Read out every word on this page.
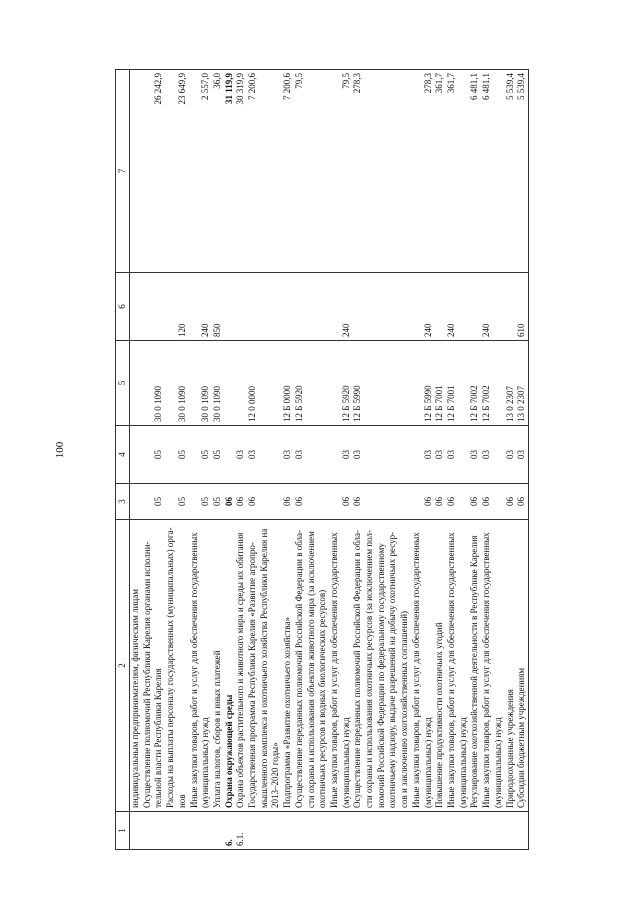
100
1	2	3	4	5	6	7

	индивидуальным предпринимателям, физическим лицам					

	Осуществление полномочий Республики Карелия органами исполни- тельной власти Республики Карелия	05	05	30 0 1090		26 242,9

	Расходы на выплаты персоналу государственных (муниципальных) орга- нов	05	05	30 0 1090	120	23 649,9

	Иные закупки товаров, работ и услуг для обеспечения государственных (муниципальных) нужд	05	05	30 0 1090	240	2 557,0

	Уплата налогов, сборов и иных платежей	05	05	30 0 1090	850	36,0
6.	Охрана окружающей среды	06				31 119,9
6.1.	Охрана объектов растительного и животного мира и среды их обитания	06	03			30 319,9

	Государственная программа Республики Карелия «Развитие агропро- мышленного комплекса и охотничьего хозяйства Республики Карелия на 2013–2020 годы»	06	03	12 0 0000		7 200,6

	Подпрограмма «Развитие охотничьего хозяйства»	06	03	12 Б 0000		7 200,6

	Осуществление переданных полномочий Российской Федерации в обла- сти охраны и использования объектов животного мира (за исключением охотничьих ресурсов и водных биологических ресурсов)	06	03	12 Б 5920		79,5

	Иные закупки товаров, работ и услуг для обеспечения государственных (муниципальных) нужд	06	03	12 Б 5920	240	79,5

	Осуществление переданных полномочий Российской Федерации в обла- сти охраны и использования охотничьих ресурсов (за исключением пол- номочий Российской Федерации по федеральному государственному охотничьему надзору, выдаче разрешений на добычу охотничьих ресур- сов и заключению охотхозяйственных соглашений)	06	03	12 Б 5990		278,3

	Иные закупки товаров, работ и услуг для обеспечения государственных (муниципальных) нужд	06	03	12 Б 5990	240	278,3

	Повышение продуктивности охотничьих угодий	06	03	12 Б 7001		361,7

	Иные закупки товаров, работ и услуг для обеспечения государственных (муниципальных) нужд	06	03	12 Б 7001	240	361,7

	Регулирование охотхозяйственной деятельности в Республике Карелия	06	03	12 Б 7002		6 481,1

	Иные закупки товаров, работ и услуг для обеспечения государственных (муниципальных) нужд	06	03	12 Б 7002	240	6 481,1

	Природоохранные учреждения	06	03	13 0 2307		5 539,4

	Субсидии бюджетным учреждениям	06	03	13 0 2307	610	5 539,4
